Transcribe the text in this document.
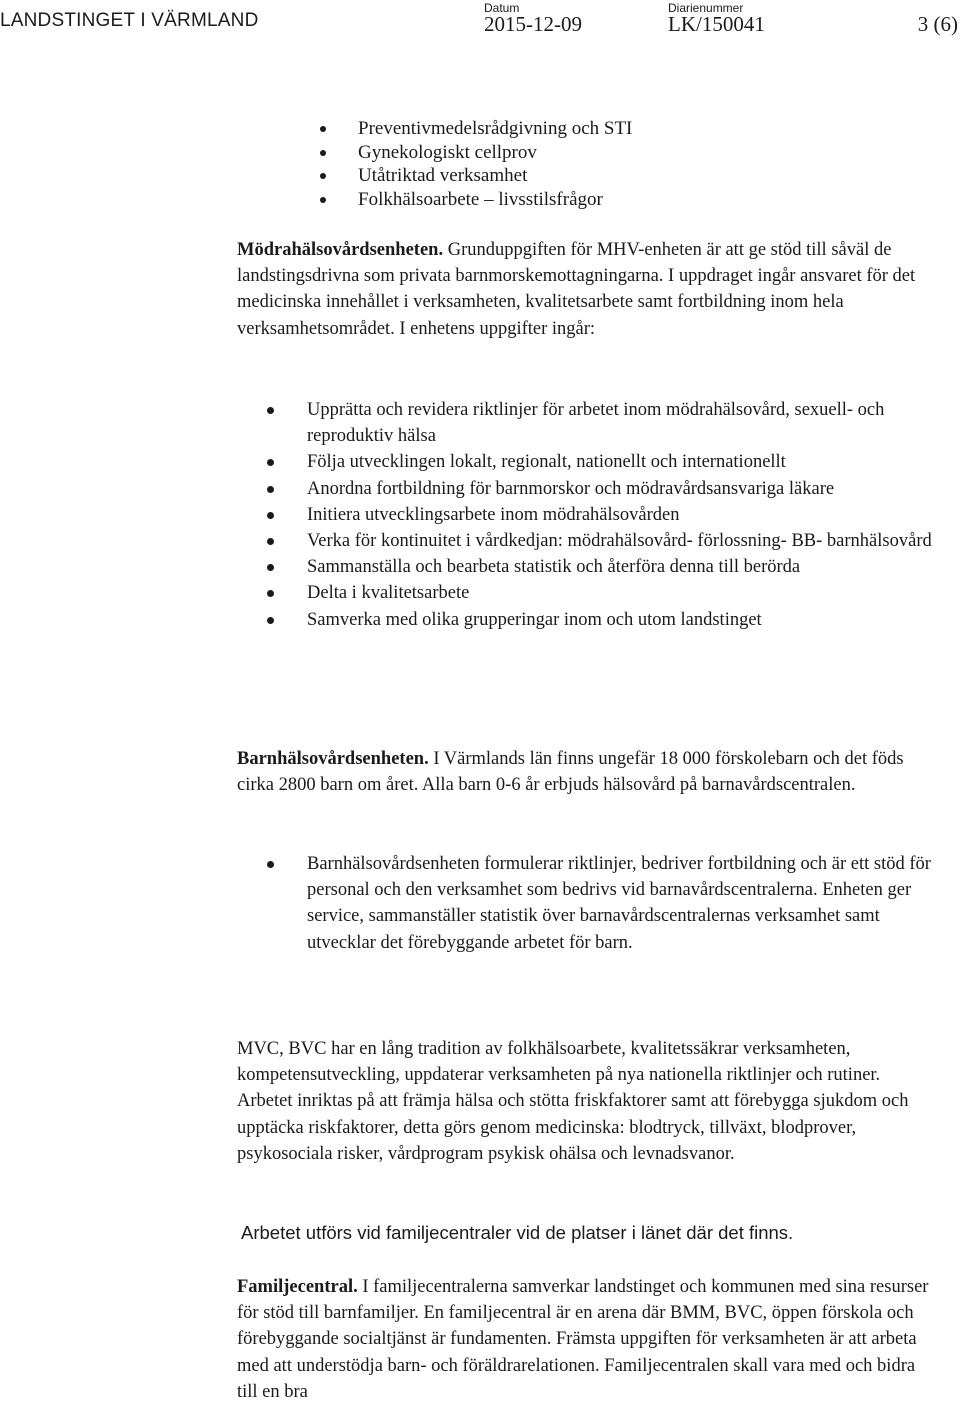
LANDSTINGET I VÄRMLAND
Datum
2015-12-09
Diarienummer
LK/150041	3 (6)
Preventivmedelsrådgivning och STI
Gynekologiskt cellprov
Utåtriktad verksamhet
Folkhälsoarbete – livsstilsfrågor
Mödrahälsovårdsenheten. Grunduppgiften för MHV-enheten är att ge stöd till såväl de landstingsdrivna som privata barnmorskemottagningarna. I uppdraget ingår ansvaret för det medicinska innehållet i verksamheten, kvalitetsarbete samt fortbildning inom hela verksamhetsområdet. I enhetens uppgifter ingår:
Upprätta och revidera riktlinjer för arbetet inom mödrahälsovård, sexuell- och reproduktiv hälsa
Följa utvecklingen lokalt, regionalt, nationellt och internationellt
Anordna fortbildning för barnmorskor och mödravårdsansvariga läkare
Initiera utvecklingsarbete inom mödrahälsovården
Verka för kontinuitet i vårdkedjan: mödrahälsovård- förlossning- BB- barnhälsovård
Sammanställa och bearbeta statistik och återföra denna till berörda
Delta i kvalitetsarbete
Samverka med olika grupperingar inom och utom landstinget
Barnhälsovårdsenheten. I Värmlands län finns ungefär 18 000 förskolebarn och det föds cirka 2800 barn om året. Alla barn 0-6 år erbjuds hälsovård på barnavårdscentralen.
Barnhälsovårdsenheten formulerar riktlinjer, bedriver fortbildning och är ett stöd för personal och den verksamhet som bedrivs vid barnavårdscentralerna. Enheten ger service, sammanställer statistik över barnavårdscentralernas verksamhet samt utvecklar det förebyggande arbetet för barn.
MVC, BVC har en lång tradition av folkhälsoarbete, kvalitetssäkrar verksamheten, kompetensutveckling, uppdaterar verksamheten på nya nationella riktlinjer och rutiner. Arbetet inriktas på att främja hälsa och stötta friskfaktorer samt att förebygga sjukdom och upptäcka riskfaktorer, detta görs genom medicinska: blodtryck, tillväxt, blodprover, psykosociala risker, vårdprogram psykisk ohälsa och levnadsvanor.
Arbetet utförs vid familjecentraler vid de platser i länet där det finns.
Familjecentral. I familjecentralerna samverkar landstinget och kommunen med sina resurser för stöd till barnfamiljer. En familjecentral är en arena där BMM, BVC, öppen förskola och förebyggande socialtjänst är fundamenten. Främsta uppgiften för verksamheten är att arbeta med att understödja barn- och föräldrarelationen. Familjecentralen skall vara med och bidra till en bra
